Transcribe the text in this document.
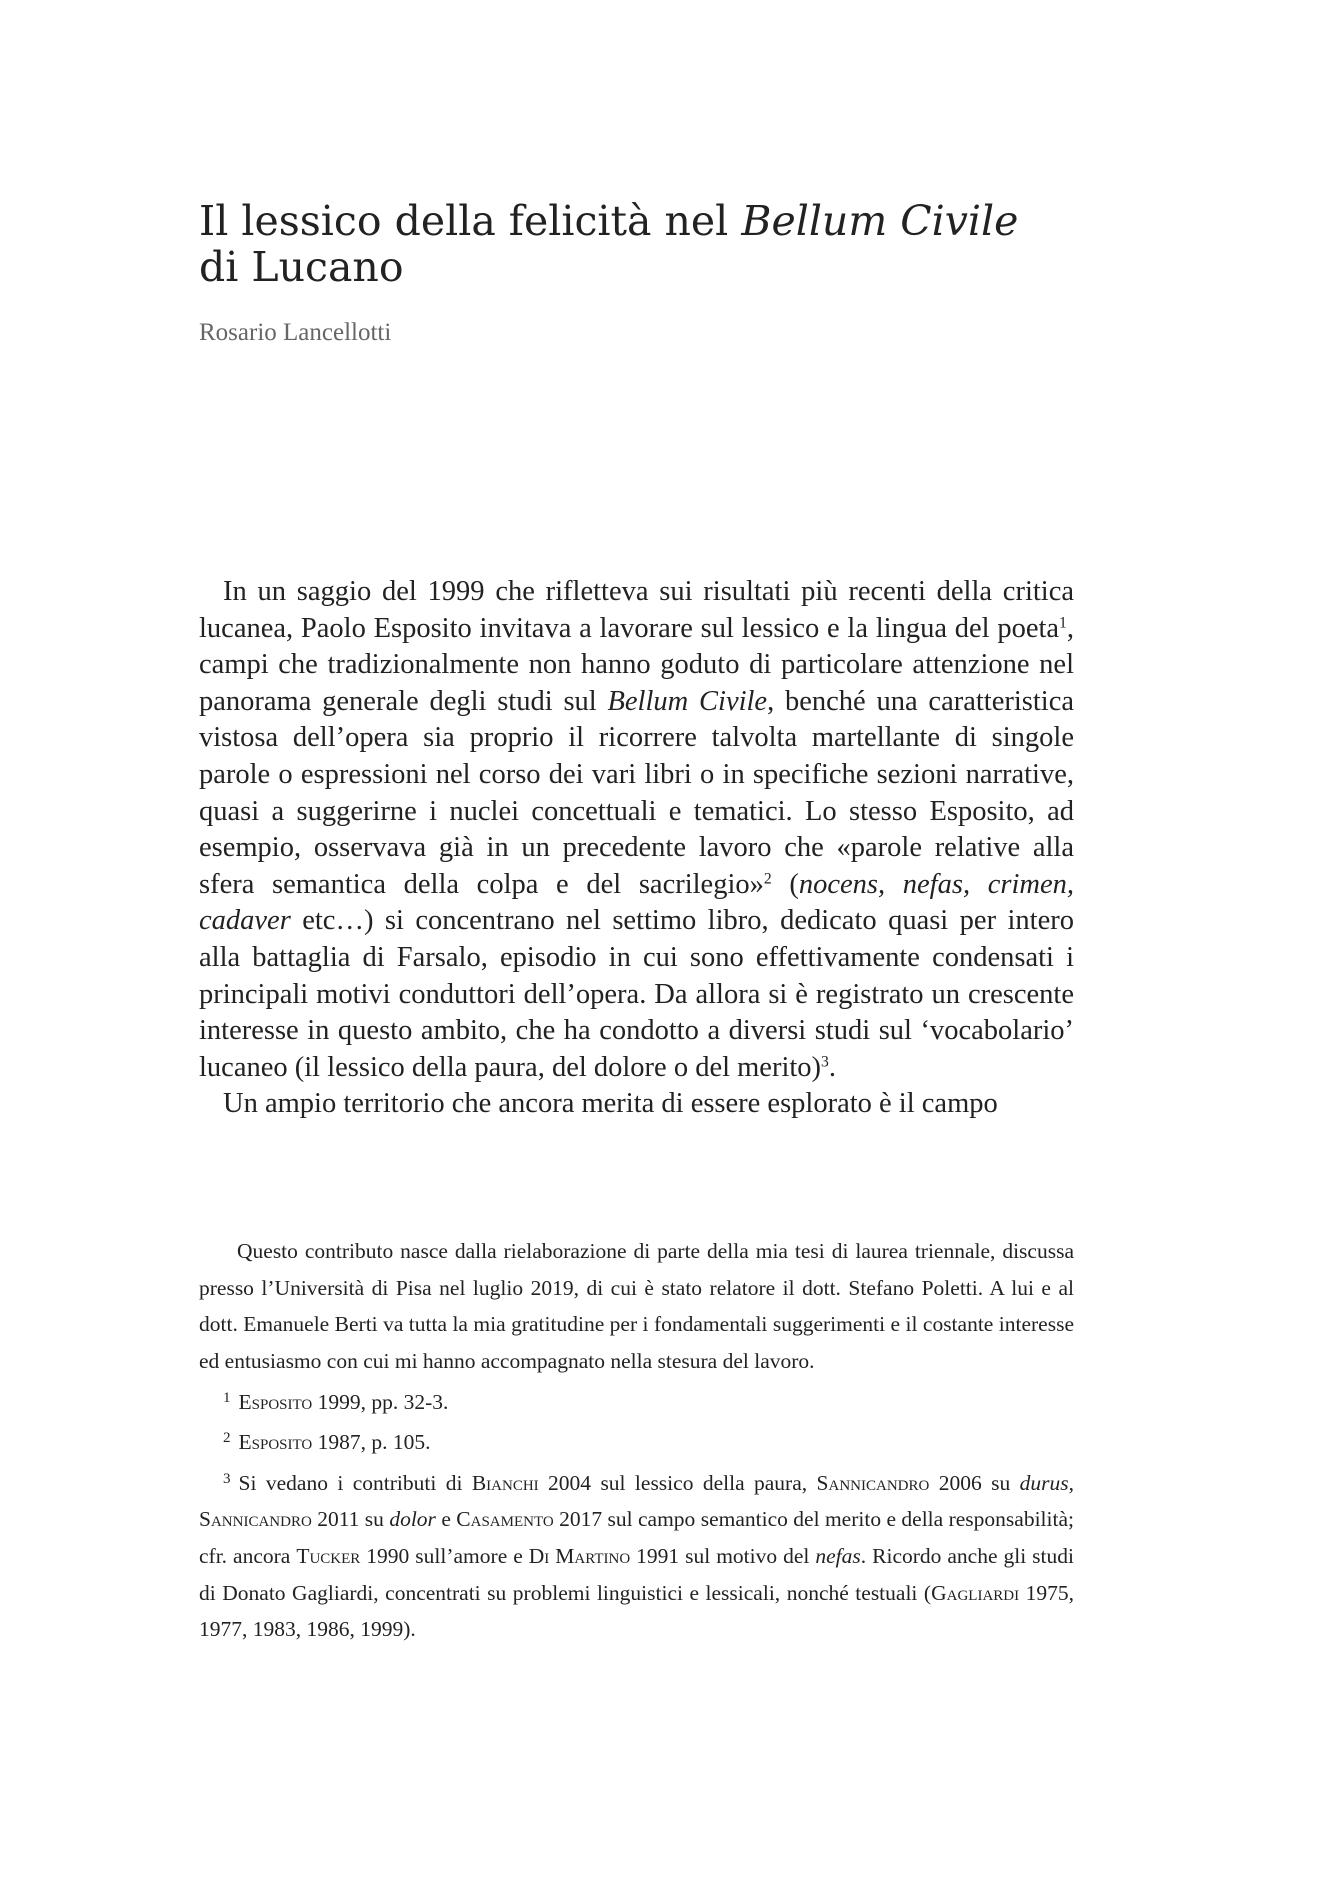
Il lessico della felicità nel Bellum Civile
di Lucano
Rosario Lancellotti

In un saggio del 1999 che rifletteva sui risultati più recenti della critica lucanea, Paolo Esposito invitava a lavorare sul lessico e la lingua del poeta$^1$, campi che tradizionalmente non hanno goduto di particolare attenzione nel panorama generale degli studi sul Bellum Civile, benché una caratteristica vistosa dell’opera sia proprio il ricorrere talvolta martellante di singole parole o espressioni nel corso dei vari libri o in specifiche sezioni narrative, quasi a suggerirne i nuclei concettuali e tematici. Lo stesso Esposito, ad esempio, osservava già in un precedente lavoro che «parole relative alla sfera semantica della colpa e del sacrilegio»$^2$ (nocens, nefas, crimen, cadaver etc…) si concentrano nel settimo libro, dedicato quasi per intero alla battaglia di Farsalo, episodio in cui sono effettivamente condensati i principali motivi conduttori dell’opera. Da allora si è registrato un crescente interesse in questo ambito, che ha condotto a diversi studi sul ‘vocabolario’ lucaneo (il lessico della paura, del dolore o del merito)$^3$.

Un ampio territorio che ancora merita di essere esplorato è il campo

Questo contributo nasce dalla rielaborazione di parte della mia tesi di laurea triennale, discussa presso l’Università di Pisa nel luglio 2019, di cui è stato relatore il dott. Stefano Poletti. A lui e al dott. Emanuele Berti va tutta la mia gratitudine per i fondamentali suggerimenti e il costante interesse ed entusiasmo con cui mi hanno accompagnato nella stesura del lavoro.

$^1$ Esposito 1999, pp. 32-3.

$^2$ Esposito 1987, p. 105.

$^3$ Si vedano i contributi di Bianchi 2004 sul lessico della paura, Sannicandro 2006 su durus, Sannicandro 2011 su dolor e Casamento 2017 sul campo semantico del merito e della responsabilità; cfr. ancora Tucker 1990 sull’amore e Di Martino 1991 sul motivo del nefas. Ricordo anche gli studi di Donato Gagliardi, concentrati su problemi linguistici e lessicali, nonché testuali (Gagliardi 1975, 1977, 1983, 1986, 1999).
